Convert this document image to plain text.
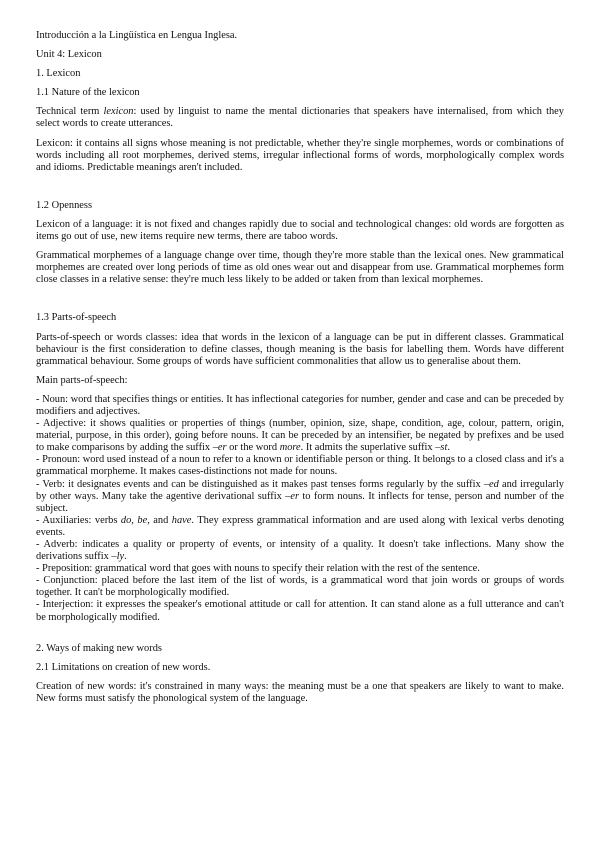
Introducción a la Lingüística en Lengua Inglesa.

Unit 4: Lexicon

1. Lexicon

1.1 Nature of the lexicon

Technical term lexicon: used by linguist to name the mental dictionaries that speakers have internalised, from which they select words to create utterances.

Lexicon: it contains all signs whose meaning is not predictable, whether they're single morphemes, words or combinations of words including all root morphemes, derived stems, irregular inflectional forms of words, morphologically complex words and idioms. Predictable meanings aren't included.

1.2 Openness

Lexicon of a language: it is not fixed and changes rapidly due to social and technological changes: old words are forgotten as items go out of use, new items require new terms, there are taboo words.

Grammatical morphemes of a language change over time, though they're more stable than the lexical ones. New grammatical morphemes are created over long periods of time as old ones wear out and disappear from use. Grammatical morphemes form close classes in a relative sense: they're much less likely to be added or taken from than lexical morphemes.

1.3 Parts-of-speech

Parts-of-speech or words classes: idea that words in the lexicon of a language can be put in different classes. Grammatical behaviour is the first consideration to define classes, though meaning is the basis for labelling them. Words have different grammatical behaviour. Some groups of words have sufficient commonalities that allow us to generalise about them.

Main parts-of-speech:

- Noun: word that specifies things or entities. It has inflectional categories for number, gender and case and can be preceded by modifiers and adjectives.

- Adjective: it shows qualities or properties of things (number, opinion, size, shape, condition, age, colour, pattern, origin, material, purpose, in this order), going before nouns. It can be preceded by an intensifier, be negated by prefixes and be used to make comparisons by adding the suffix –er or the word more. It admits the superlative suffix –st.

- Pronoun: word used instead of a noun to refer to a known or identifiable person or thing. It belongs to a closed class and it's a grammatical morpheme. It makes cases-distinctions not made for nouns.

- Verb: it designates events and can be distinguished as it makes past tenses forms regularly by the suffix –ed and irregularly by other ways. Many take the agentive derivational suffix –er to form nouns. It inflects for tense, person and number of the subject.

- Auxiliaries: verbs do, be, and have. They express grammatical information and are used along with lexical verbs denoting events.

- Adverb: indicates a quality or property of events, or intensity of a quality. It doesn't take inflections. Many show the derivations suffix –ly.

- Preposition: grammatical word that goes with nouns to specify their relation with the rest of the sentence.

- Conjunction: placed before the last item of the list of words, is a grammatical word that join words or groups of words together. It can't be morphologically modified.

- Interjection: it expresses the speaker's emotional attitude or call for attention. It can stand alone as a full utterance and can't be morphologically modified.

2. Ways of making new words

2.1 Limitations on creation of new words.

Creation of new words: it's constrained in many ways: the meaning must be a one that speakers are likely to want to make. New forms must satisfy the phonological system of the language.
